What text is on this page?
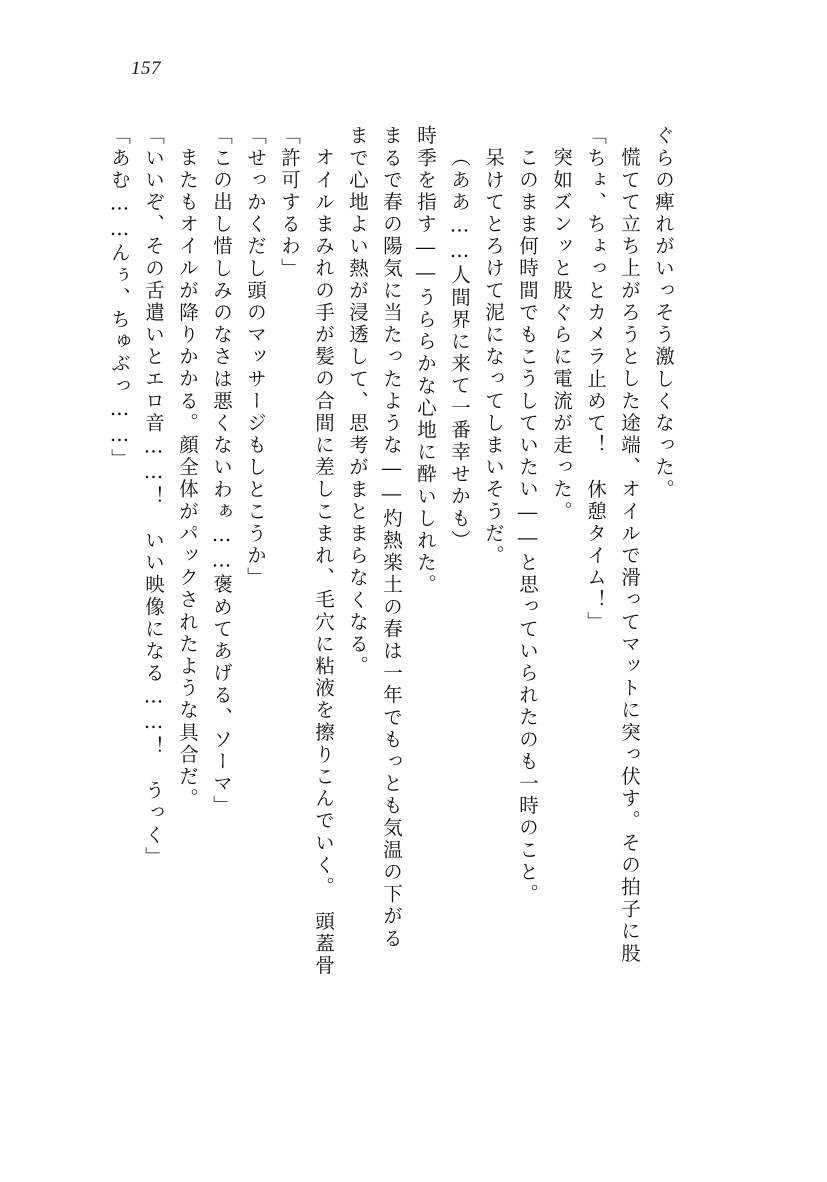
157
「あむ……んぅ、ちゅぶっ……」 「いいぞ、その舌遣いとエロ音……！　いい映像になる……！　うっく」 またもオイルが降りかかる。顔全体がパックされたような具合だ。 「この出し惜しみのなさは悪くないわぁ……褒めてあげる、ソーマ」 「せっかくだし頭のマッサージもしとこうか」 「許可するわ」 オイルまみれの手が髪の合間に差しこまれ、毛穴に粘液を擦りこんでいく。　頭蓋骨 まで心地よい熱が浸透して、思考がまとまらなくなる。 まるで春の陽気に当たったような――灼熱楽土の春は一年でもっとも気温の下がる 時季を指す――うららかな心地に酔いしれた。 （ああ……人間界に来て一番幸せかも） 呆けてとろけて泥になってしまいそうだ。 このまま何時間でもこうしていたい――と思っていられたのも一時のこと。 突如ズンッと股ぐらに電流が走った。 「ちょ、ちょっとカメラ止めて！　休憩タイム！」 慌てて立ち上がろうとした途端、オイルで滑ってマットに突っ伏す。その拍子に股 ぐらの痺れがいっそう激しくなった。
